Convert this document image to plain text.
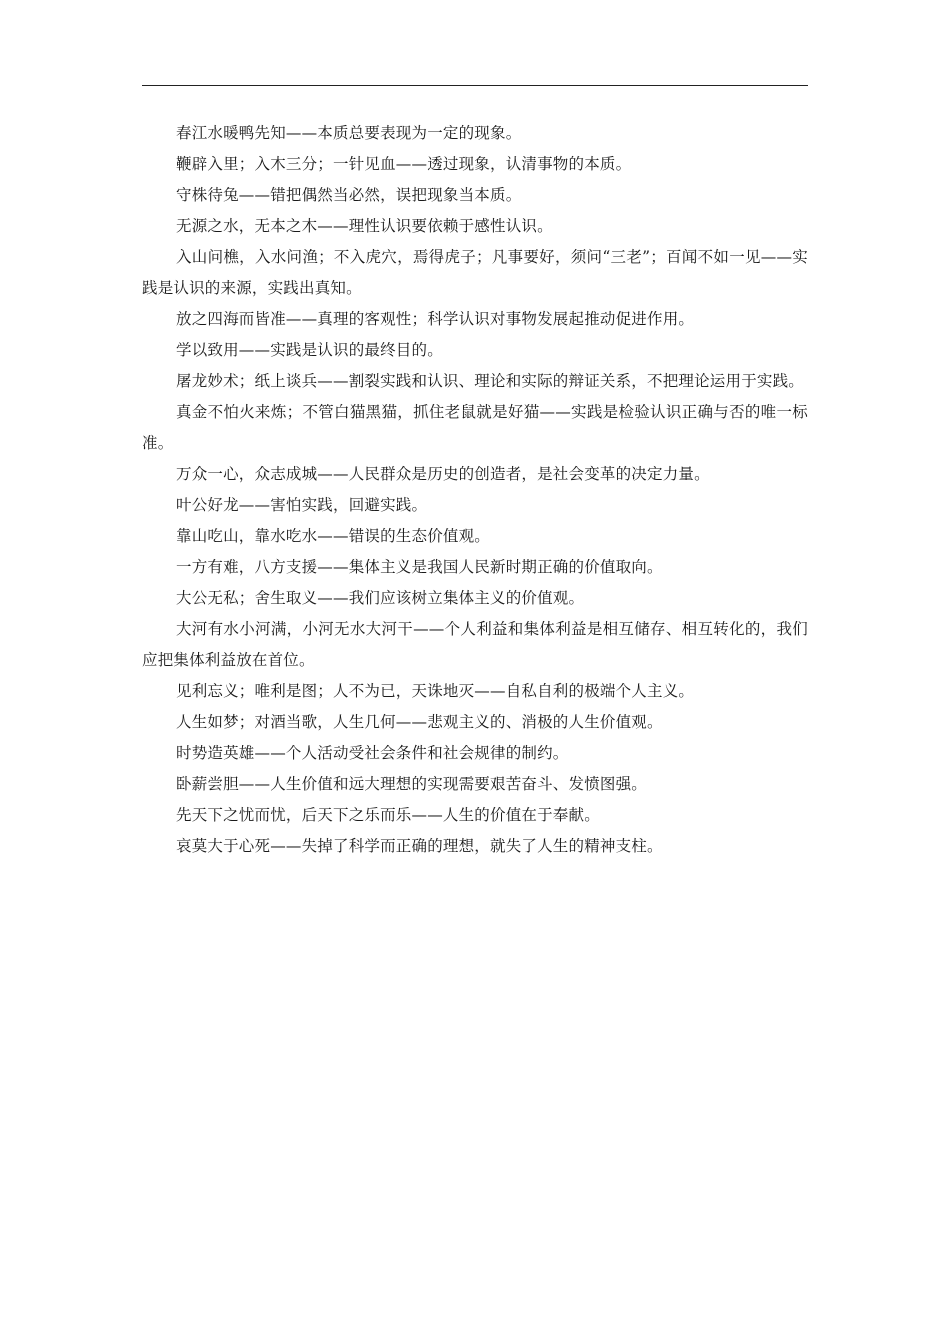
春江水暖鸭先知——本质总要表现为一定的现象。

鞭辟入里；入木三分；一针见血——透过现象，认清事物的本质。

守株待兔——错把偶然当必然，误把现象当本质。

无源之水，无本之木——理性认识要依赖于感性认识。

入山问樵，入水问渔；不入虎穴，焉得虎子；凡事要好，须问“三老”；百闻不如一见——实践是认识的来源，实践出真知。

放之四海而皆准——真理的客观性；科学认识对事物发展起推动促进作用。

学以致用——实践是认识的最终目的。

屠龙妙术；纸上谈兵——割裂实践和认识、理论和实际的辩证关系，不把理论运用于实践。

真金不怕火来炼；不管白猫黑猫，抓住老鼠就是好猫——实践是检验认识正确与否的唯一标准。

万众一心，众志成城——人民群众是历史的创造者，是社会变革的决定力量。

叶公好龙——害怕实践，回避实践。

靠山吃山，靠水吃水——错误的生态价值观。

一方有难，八方支援——集体主义是我国人民新时期正确的价值取向。

大公无私；舍生取义——我们应该树立集体主义的价值观。

大河有水小河满，小河无水大河干——个人利益和集体利益是相互储存、相互转化的，我们应把集体利益放在首位。

见利忘义；唯利是图；人不为已，天诛地灭——自私自利的极端个人主义。

人生如梦；对酒当歌，人生几何——悲观主义的、消极的人生价值观。

时势造英雄——个人活动受社会条件和社会规律的制约。

卧薪尝胆——人生价值和远大理想的实现需要艰苦奋斗、发愤图强。

先天下之忧而忧，后天下之乐而乐——人生的价值在于奉献。

哀莫大于心死——失掉了科学而正确的理想，就失了人生的精神支柱。
